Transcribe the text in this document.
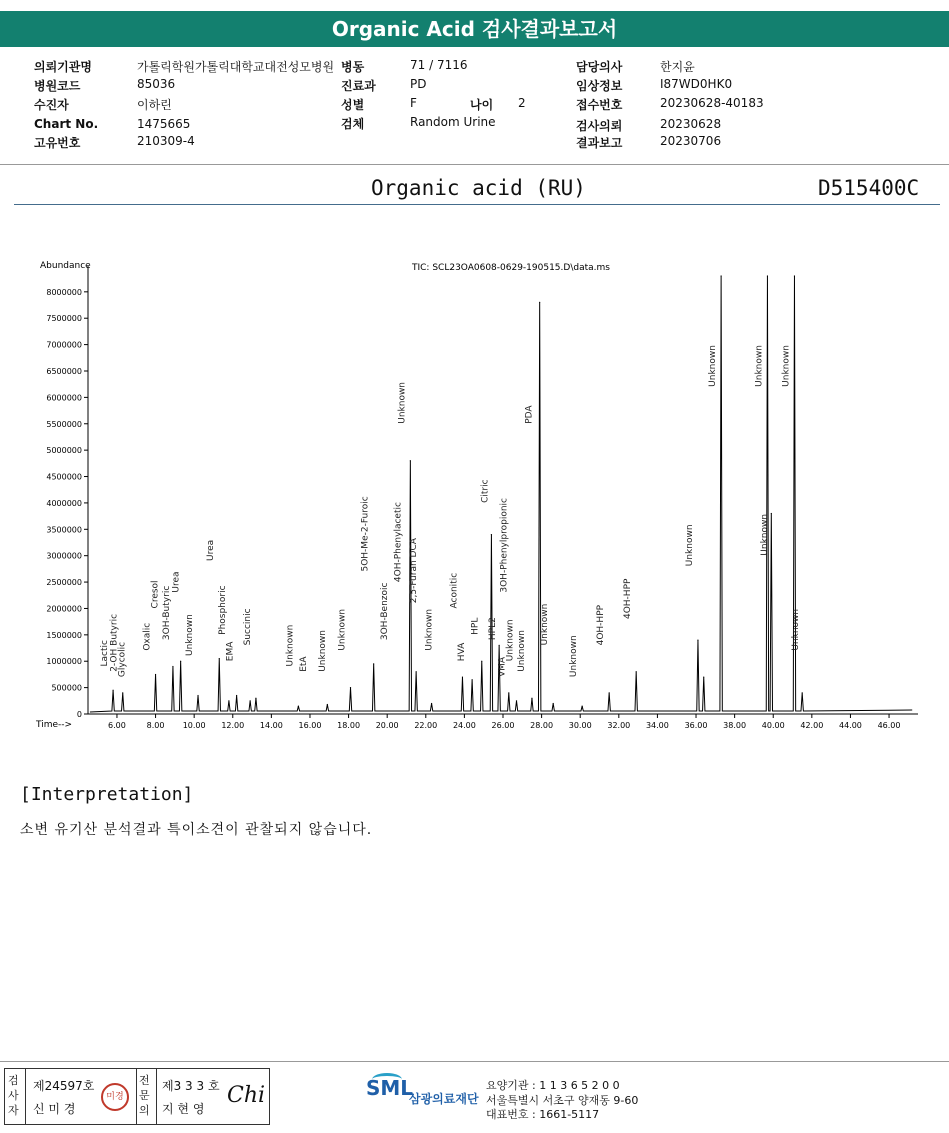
Organic Acid 검사결과보고서
의뢰기관명	가톨릭학원가톨릭대학교대전성모병원 병동	71 / 7116	담당의사	한지윤
병원코드	85036	진료과	PD	임상정보	I87WD0HK0
수진자	이하린	성별	F	나이 2	접수번호	20230628-40183
Chart No.	1475665	검체	Random Urine	검사의뢰	20230628
고유번호	210309-4	결과보고	20230706
Organic acid (RU)	D515400C
0
500000
1000000
1500000
2000000
2500000
3000000
3500000
4000000
4500000
5000000
5500000
6000000
6500000
7000000
7500000
8000000
6.00	8.00 10.00 12.00 14.00 16.00 18.00 20.00 22.00 24.00 26.00 28.00 30.00 32.00 34.00 36.00 38.00 40.00 42.00 44.00 46.00
Lactic 2-OH Butyric
Glycolic
Oxalic
Cresol 3OH-Butyric
Urea
Unknown
Urea
Phosphoric
EMA
Succinic	Unknown EtA Unknown
Unknown
5OH-Me-2-Furoic
3OH-Benzoic
4OH-Phenylacetic
Unknown
2,5-Furan DCA
Unknown
Aconitic
HVA
HPL
Citric
HPL2
3OH-Phenylpropionic
VMA
Unknown Unknown
PDA
Unknown
Unknown
4OH-HPP
4OH-HPP
Unknown
Unknown	Unknown
Unknown
Unknown
Unknown
Abundance
Time-->
TIC: SCL23OA0608-0629-190515.D\data.ms
[Interpretation]
소변 유기산 분석결과 특이소견이 관찰되지 않습니다.
검사자
제24597호
신 미 경
미경
전문의
제3 3 3 호
지 현 영
Chi	SML
삼광의료재단
요양기관 : 1 1 3 6 5 2 0 0
서울특별시 서초구 양재동 9-60
대표번호 : 1661-5117
